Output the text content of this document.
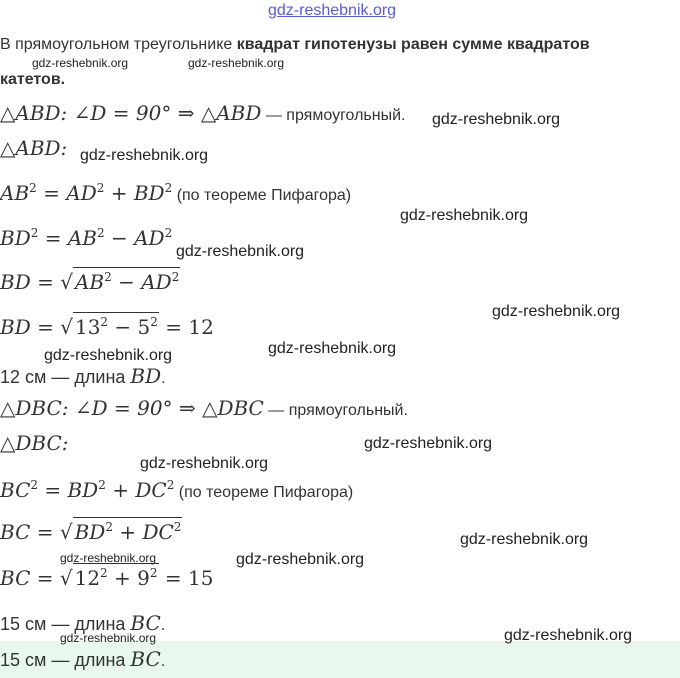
gdz-reshebnik.org
В прямоугольном треугольнике квадрат гипотенузы равен сумме квадратов
катетов.
△ABD: ∠D = 90° ⇒ △ABD — прямоугольный.
△ABD:
$AB^2 = AD^2 + BD^2$ (по теореме Пифагора)
$BD^2 = AB^2 - AD^2$
BD = √ $AB^2 - AD^2$
BD = √ $13^2 - 5^2 = 12$
12 см — длина BD.
△DBC: ∠D = 90° ⇒ △DBC — прямоугольный.
△DBC:
$BC^2 = BD^2 + DC^2$ (по теореме Пифагора)
BC = √ $BD^2 + DC^2$
BC = √ $12^2 + 9^2 = 15$
15 см — длина BC.
15 см — длина BC.
gdz-reshebnik.org	gdz-reshebnik.org
gdz-reshebnik.org
gdz-reshebnik.org
gdz-reshebnik.org
gdz-reshebnik.org
gdz-reshebnik.org
gdz-reshebnik.org	gdz-reshebnik.org
gdz-reshebnik.org
gdz-reshebnik.org
gdz-reshebnik.org
gdz-reshebnik.org	gdz-reshebnik.org
gdz-reshebnik.org	gdz-reshebnik.org
